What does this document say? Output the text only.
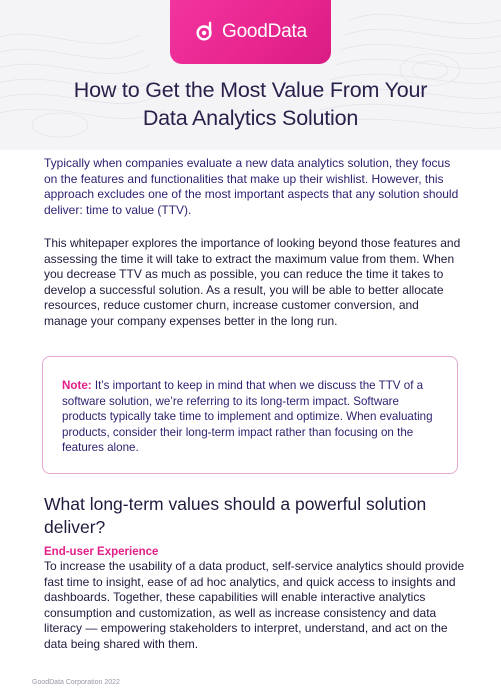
GoodData
How to Get the Most Value From Your
Data Analytics Solution

Typically when companies evaluate a new data analytics solution, they focus on the features and functionalities that make up their wishlist. However, this approach excludes one of the most important aspects that any solution should deliver: time to value (TTV).

This whitepaper explores the importance of looking beyond those features and assessing the time it will take to extract the maximum value from them. When you decrease TTV as much as possible, you can reduce the time it takes to develop a successful solution. As a result, you will be able to better allocate resources, reduce customer churn, increase customer conversion, and manage your company expenses better in the long run.

Note: It’s important to keep in mind that when we discuss the TTV of a software solution, we’re referring to its long-term impact. Software products typically take time to implement and optimize. When evaluating products, consider their long-term impact rather than focusing on the features alone.

What long-term values should a powerful solution deliver?
End-user Experience

To increase the usability of a data product, self-service analytics should provide fast time to insight, ease of ad hoc analytics, and quick access to insights and dashboards. Together, these capabilities will enable interactive analytics consumption and customization, as well as increase consistency and data literacy — empowering stakeholders to interpret, understand, and act on the data being shared with them.

GoodData Corporation 2022
